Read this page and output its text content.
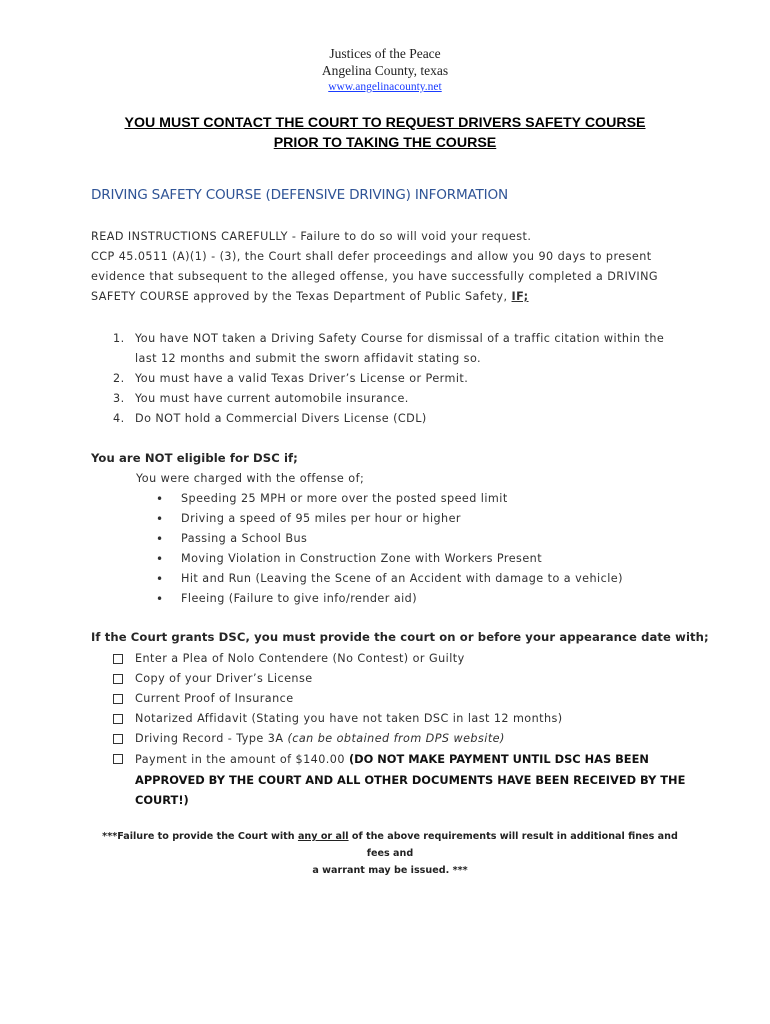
Justices of the Peace
Angelina County, texas
www.angelinacounty.net
YOU MUST CONTACT THE COURT TO REQUEST DRIVERS SAFETY COURSE
PRIOR TO TAKING THE COURSE
DRIVING SAFETY COURSE (DEFENSIVE DRIVING) INFORMATION
READ INSTRUCTIONS CAREFULLY - Failure to do so will void your request.
CCP 45.0511 (A)(1) - (3), the Court shall defer proceedings and allow you 90 days to present
evidence that subsequent to the alleged offense, you have successfully completed a DRIVING
SAFETY COURSE approved by the Texas Department of Public Safety, IF;
1. You have NOT taken a Driving Safety Course for dismissal of a traffic citation within the
last 12 months and submit the sworn affidavit stating so.
2. You must have a valid Texas Driver’s License or Permit.
3. You must have current automobile insurance.
4. Do NOT hold a Commercial Divers License (CDL)
You are NOT eligible for DSC if;
You were charged with the offense of;
• Speeding 25 MPH or more over the posted speed limit
• Driving a speed of 95 miles per hour or higher
• Passing a School Bus
• Moving Violation in Construction Zone with Workers Present
• Hit and Run (Leaving the Scene of an Accident with damage to a vehicle)
• Fleeing (Failure to give info/render aid)
If the Court grants DSC, you must provide the court on or before your appearance date with;
Enter a Plea of Nolo Contendere (No Contest) or Guilty
Copy of your Driver’s License
Current Proof of Insurance
Notarized Affidavit (Stating you have not taken DSC in last 12 months)
Driving Record - Type 3A (can be obtained from DPS website)
Payment in the amount of $140.00 (DO NOT MAKE PAYMENT UNTIL DSC HAS BEEN
APPROVED BY THE COURT AND ALL OTHER DOCUMENTS HAVE BEEN RECEIVED BY THE
COURT!)
***Failure to provide the Court with any or all of the above requirements will result in additional fines and fees and
a warrant may be issued. ***
